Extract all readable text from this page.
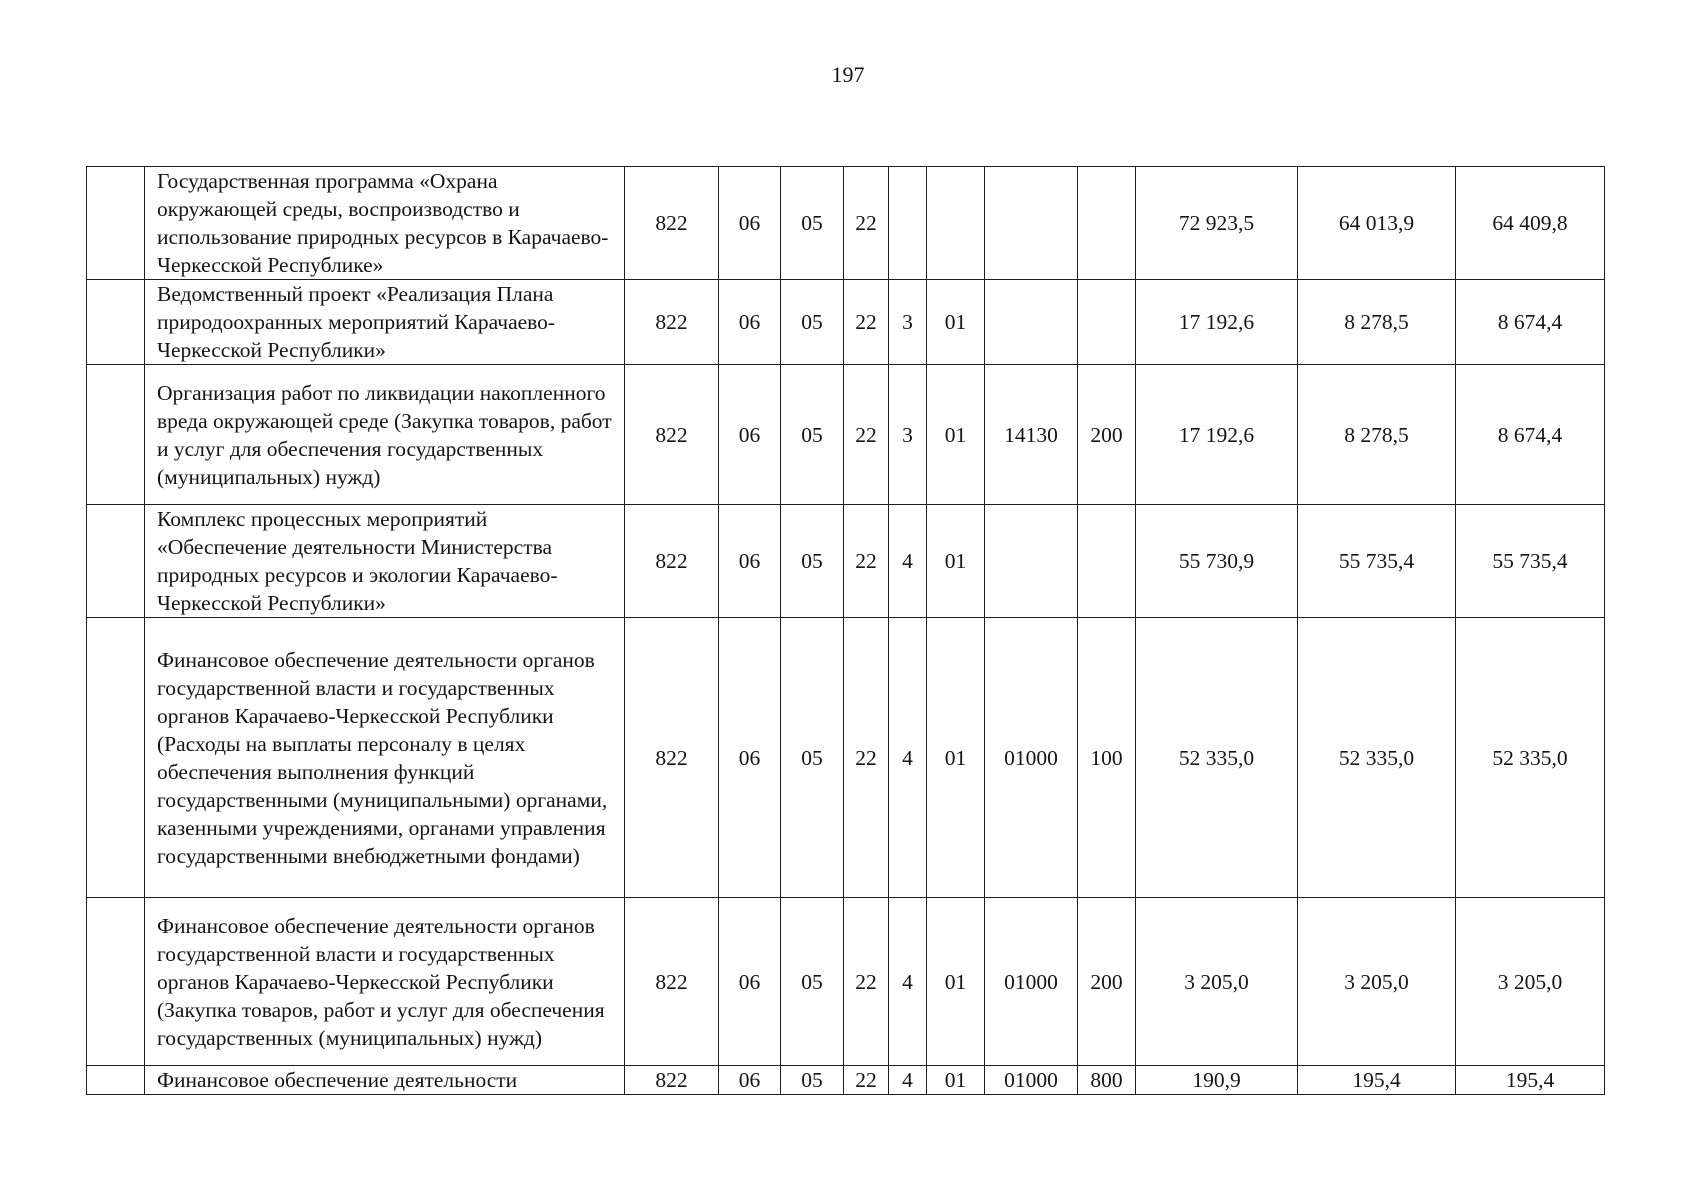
197
	Государственная программа «Охрана окружающей среды, воспроизводство и использование природных ресурсов в Карачаево-Черкесской Республике»	822	06	05	22					72 923,5	64 013,9	64 409,8
	Ведомственный проект «Реализация Плана природоохранных мероприятий Карачаево-Черкесской Республики»	822	06	05	22	3	01			17 192,6	8 278,5	8 674,4
	Организация работ по ликвидации накопленного вреда окружающей среде (Закупка товаров, работ и услуг для обеспечения государственных (муниципальных) нужд)	822	06	05	22	3	01	14130	200	17 192,6	8 278,5	8 674,4
	Комплекс процессных мероприятий «Обеспечение деятельности Министерства природных ресурсов и экологии Карачаево-Черкесской Республики»	822	06	05	22	4	01			55 730,9	55 735,4	55 735,4
	Финансовое обеспечение деятельности органов государственной власти и государственных органов Карачаево-Черкесской Республики (Расходы на выплаты персоналу в целях обеспечения выполнения функций государственными (муниципальными) органами, казенными учреждениями, органами управления государственными внебюджетными фондами)	822	06	05	22	4	01	01000	100	52 335,0	52 335,0	52 335,0
	Финансовое обеспечение деятельности органов государственной власти и государственных органов Карачаево-Черкесской Республики (Закупка товаров, работ и услуг для обеспечения государственных (муниципальных) нужд)	822	06	05	22	4	01	01000	200	3 205,0	3 205,0	3 205,0
	Финансовое обеспечение деятельности	822	06	05	22	4	01	01000	800	190,9	195,4	195,4
